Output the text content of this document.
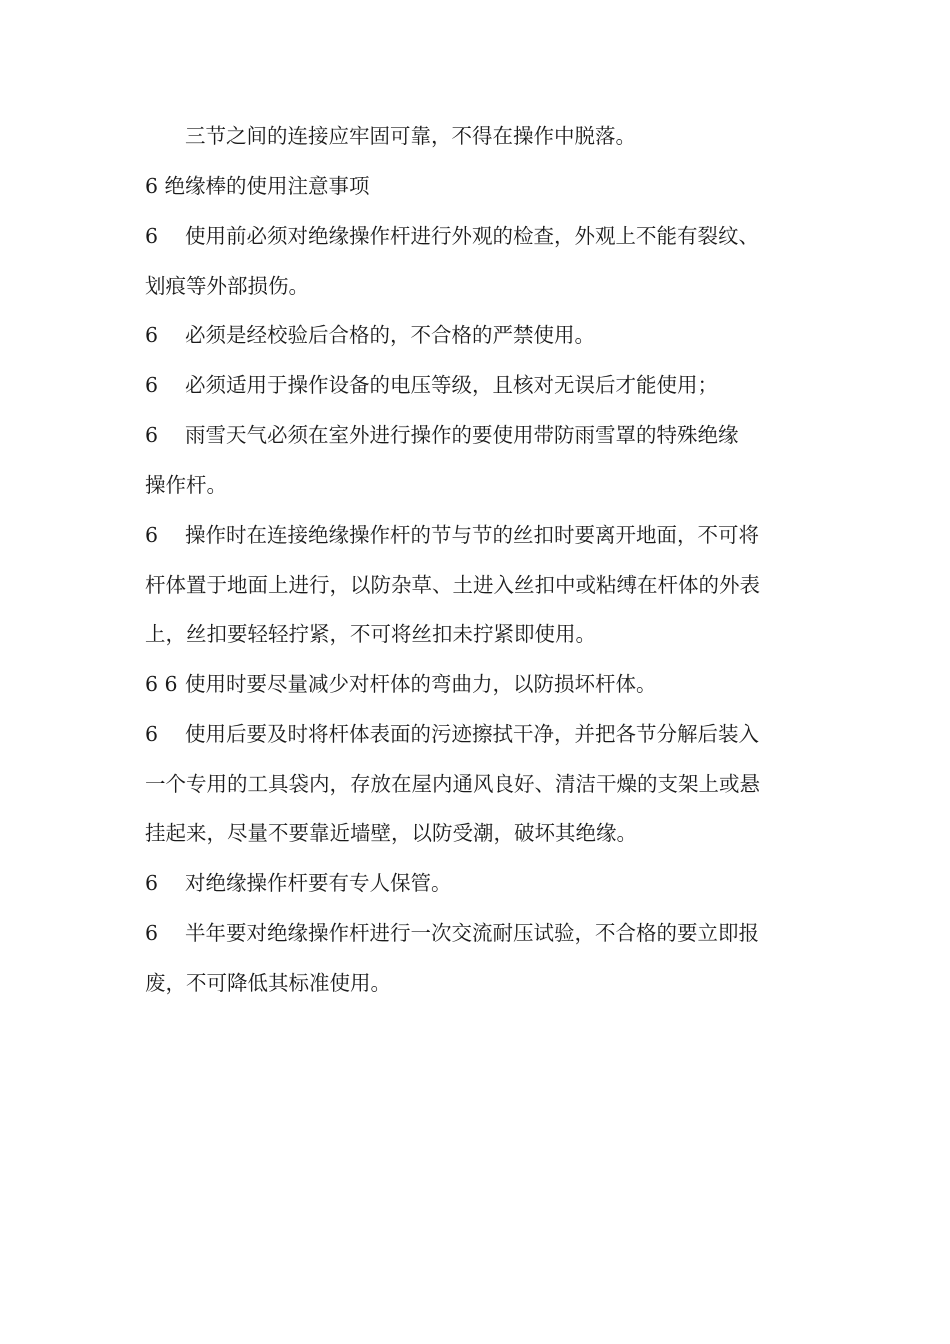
三节之间的连接应牢固可靠，不得在操作中脱落。
6 绝缘棒的使用注意事项
6 使用前必须对绝缘操作杆进行外观的检查，外观上不能有裂纹、
划痕等外部损伤。
6 必须是经校验后合格的，不合格的严禁使用。
6 必须适用于操作设备的电压等级，且核对无误后才能使用；
6 雨雪天气必须在室外进行操作的要使用带防雨雪罩的特殊绝缘
操作杆。
6 操作时在连接绝缘操作杆的节与节的丝扣时要离开地面，不可将
杆体置于地面上进行，以防杂草、土进入丝扣中或粘缚在杆体的外表
上，丝扣要轻轻拧紧，不可将丝扣未拧紧即使用。
6 6 使用时要尽量减少对杆体的弯曲力，以防损坏杆体。
6 使用后要及时将杆体表面的污迹擦拭干净，并把各节分解后装入
一个专用的工具袋内，存放在屋内通风良好、清洁干燥的支架上或悬
挂起来，尽量不要靠近墙壁，以防受潮，破坏其绝缘。
6 对绝缘操作杆要有专人保管。
6 半年要对绝缘操作杆进行一次交流耐压试验，不合格的要立即报
废，不可降低其标准使用。
